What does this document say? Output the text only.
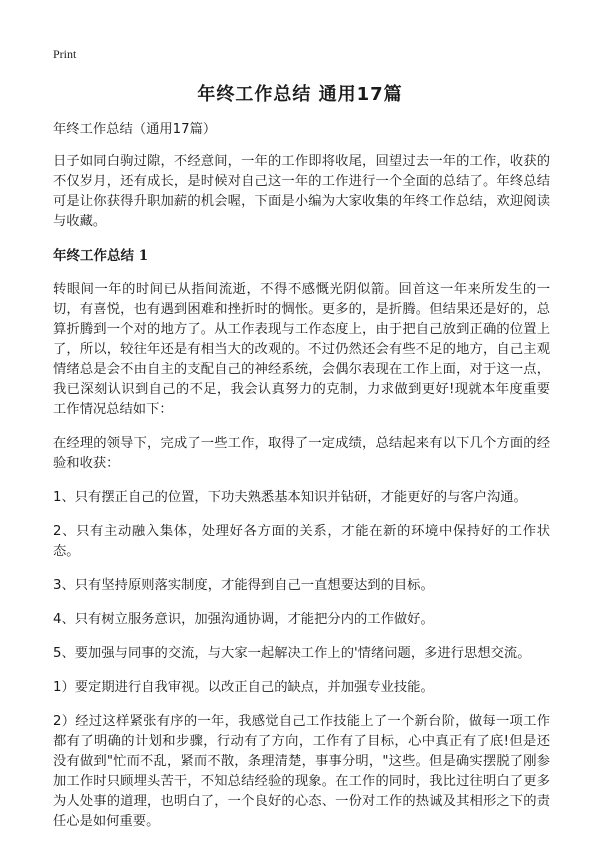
Print
年终工作总结 通用17篇

年终工作总结（通用17篇）

日子如同白驹过隙，不经意间，一年的工作即将收尾，回望过去一年的工作，收获的不仅岁月，还有成长，是时候对自己这一年的工作进行一个全面的总结了。年终总结可是让你获得升职加薪的机会喔，下面是小编为大家收集的年终工作总结，欢迎阅读与收藏。

年终工作总结 1

转眼间一年的时间已从指间流逝，不得不感慨光阴似箭。回首这一年来所发生的一切，有喜悦，也有遇到困难和挫折时的惆怅。更多的，是折腾。但结果还是好的，总算折腾到一个对的地方了。从工作表现与工作态度上，由于把自己放到正确的位置上了，所以，较往年还是有相当大的改观的。不过仍然还会有些不足的地方，自己主观情绪总是会不由自主的支配自己的神经系统，会偶尔表现在工作上面，对于这一点，我已深刻认识到自己的不足，我会认真努力的克制，力求做到更好!现就本年度重要工作情况总结如下：

在经理的领导下，完成了一些工作，取得了一定成绩，总结起来有以下几个方面的经验和收获：

1、只有摆正自己的位置，下功夫熟悉基本知识并钻研，才能更好的与客户沟通。

2、只有主动融入集体，处理好各方面的关系，才能在新的环境中保持好的工作状态。

3、只有坚持原则落实制度，才能得到自己一直想要达到的目标。

4、只有树立服务意识，加强沟通协调，才能把分内的工作做好。

5、要加强与同事的交流，与大家一起解决工作上的'情绪问题，多进行思想交流。

1）要定期进行自我审视。以改正自己的缺点，并加强专业技能。

2）经过这样紧张有序的一年，我感觉自己工作技能上了一个新台阶，做每一项工作都有了明确的计划和步骤，行动有了方向，工作有了目标，心中真正有了底!但是还没有做到"忙而不乱，紧而不散，条理清楚，事事分明，"这些。但是确实摆脱了刚参加工作时只顾埋头苦干，不知总结经验的现象。在工作的同时，我比过往明白了更多为人处事的道理，也明白了，一个良好的心态、一份对工作的热诚及其相形之下的责任心是如何重要。
